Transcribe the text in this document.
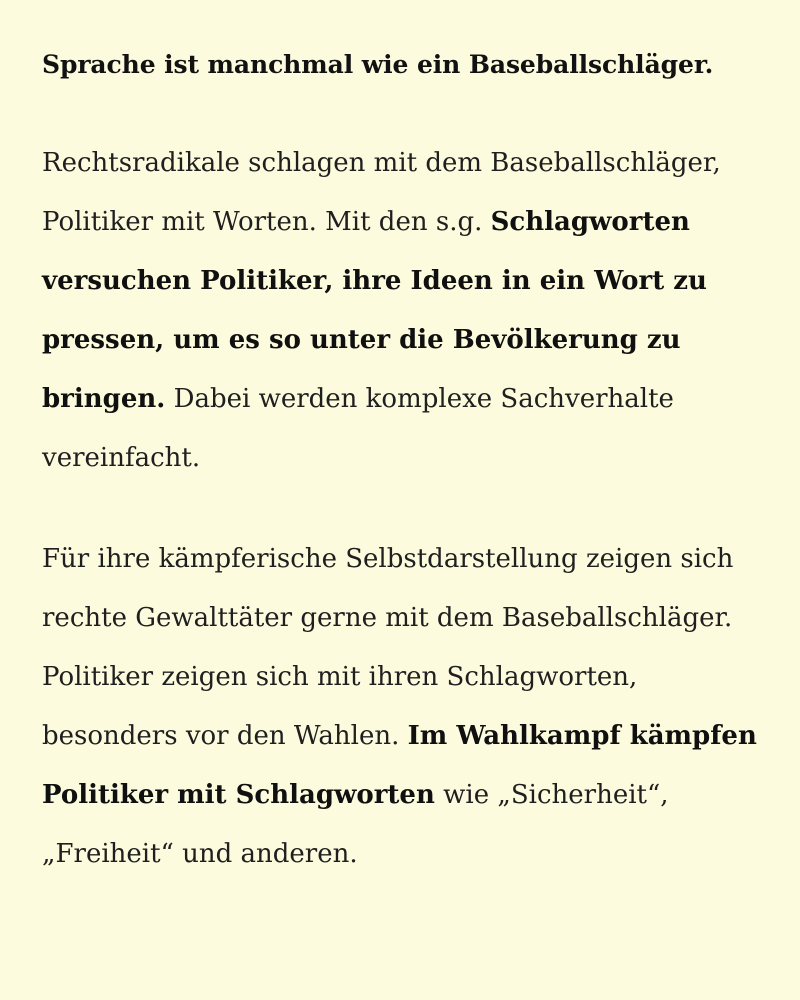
Sprache ist manchmal wie ein Baseballschläger.

Rechtsradikale schlagen mit dem Baseballschläger, Politiker mit Worten. Mit den s.g. Schlagworten versuchen Politiker, ihre Ideen in ein Wort zu pressen, um es so unter die Bevölkerung zu bringen. Dabei werden komplexe Sachverhalte vereinfacht.

Für ihre kämpferische Selbstdarstellung zeigen sich rechte Gewalttäter gerne mit dem Baseballschläger. Politiker zeigen sich mit ihren Schlagworten, besonders vor den Wahlen. Im Wahlkampf kämpfen Politiker mit Schlagworten wie „Sicherheit“, „Freiheit“ und anderen.
